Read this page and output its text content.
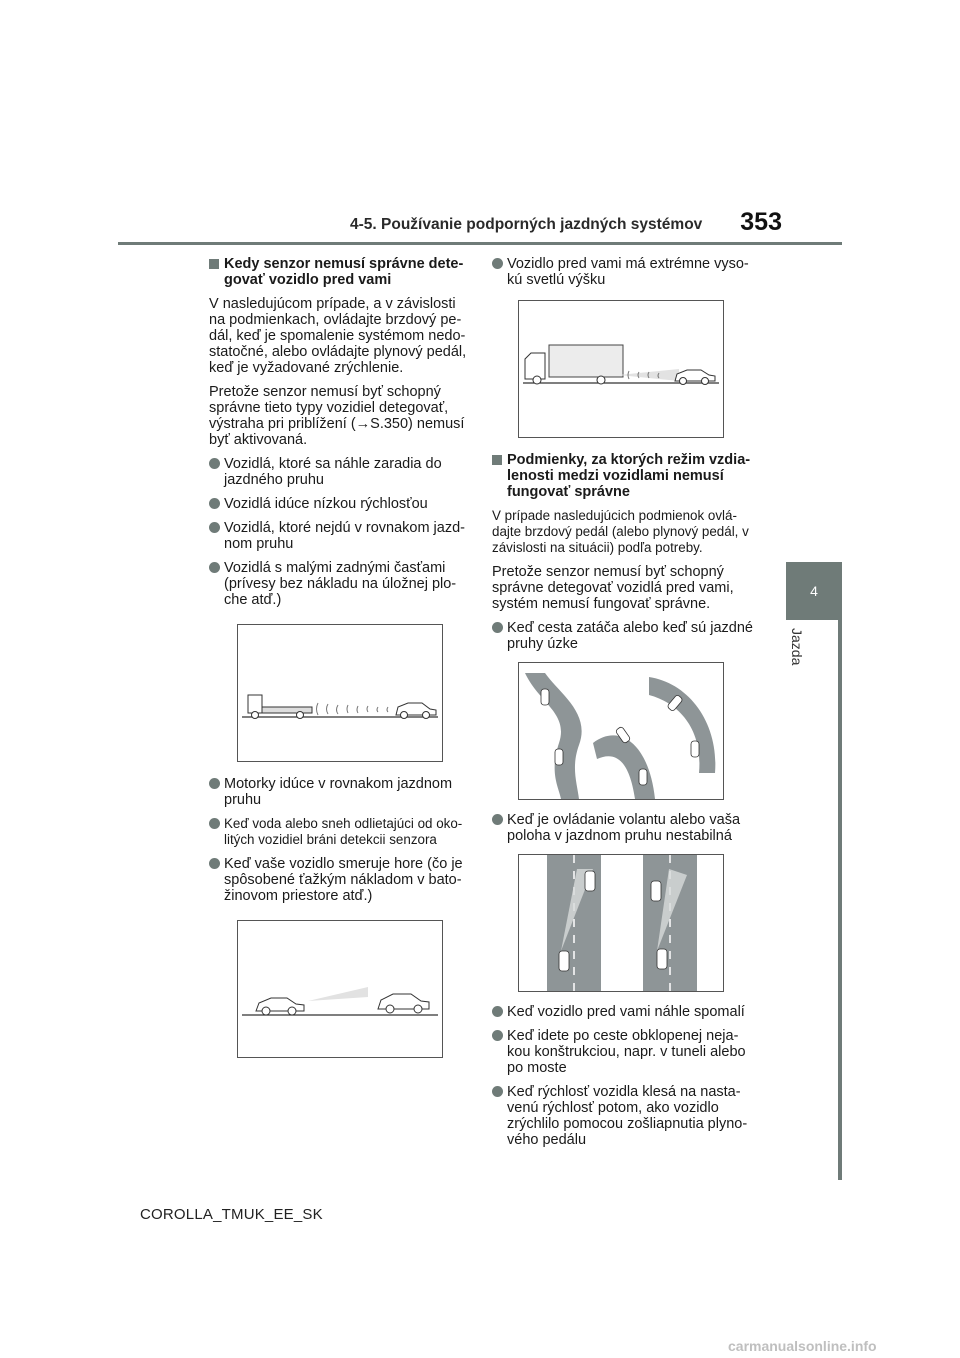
4-5. Používanie podporných jazdných systémov	353
4
Jazda
Kedy senzor nemusí správne dete-govať vozidlo pred vami

V nasledujúcom prípade, a v závislosti na podmienkach, ovládajte brzdový pe-dál, keď je spomalenie systémom nedo-statočné, alebo ovládajte plynový pedál, keď je vyžadované zrýchlenie.

Pretože senzor nemusí byť schopný správne tieto typy vozidiel detegovať, výstraha pri priblížení (→S.350) nemusí byť aktivovaná.

Vozidlá, ktoré sa náhle zaradia do jazdného pruhu
Vozidlá idúce nízkou rýchlosťou
Vozidlá, ktoré nejdú v rovnakom jazd-nom pruhu
Vozidlá s malými zadnými časťami (prívesy bez nákladu na úložnej plo-che atď.)
Motorky idúce v rovnakom jazdnom pruhu
Keď voda alebo sneh odlietajúci od oko-litých vozidiel bráni detekcii senzora
Keď vaše vozidlo smeruje hore (čo je spôsobené ťažkým nákladom v bato-žinovom priestore atď.)
Vozidlo pred vami má extrémne vyso-kú svetlú výšku
Podmienky, za ktorých režim vzdia-lenosti medzi vozidlami nemusí fungovať správne

V prípade nasledujúcich podmienok ovlá-dajte brzdový pedál (alebo plynový pedál, v závislosti na situácii) podľa potreby.

Pretože senzor nemusí byť schopný správne detegovať vozidlá pred vami, systém nemusí fungovať správne.

Keď cesta zatáča alebo keď sú jazdné pruhy úzke
Keď je ovládanie volantu alebo vaša poloha v jazdnom pruhu nestabilná
Keď vozidlo pred vami náhle spomalí
Keď idete po ceste obklopenej neja-kou konštrukciou, napr. v tuneli alebo po moste
Keď rýchlosť vozidla klesá na nasta-venú rýchlosť potom, ako vozidlo zrýchlilo pomocou zošliapnutia plyno-vého pedálu
COROLLA_TMUK_EE_SK
carmanualsonline.info
